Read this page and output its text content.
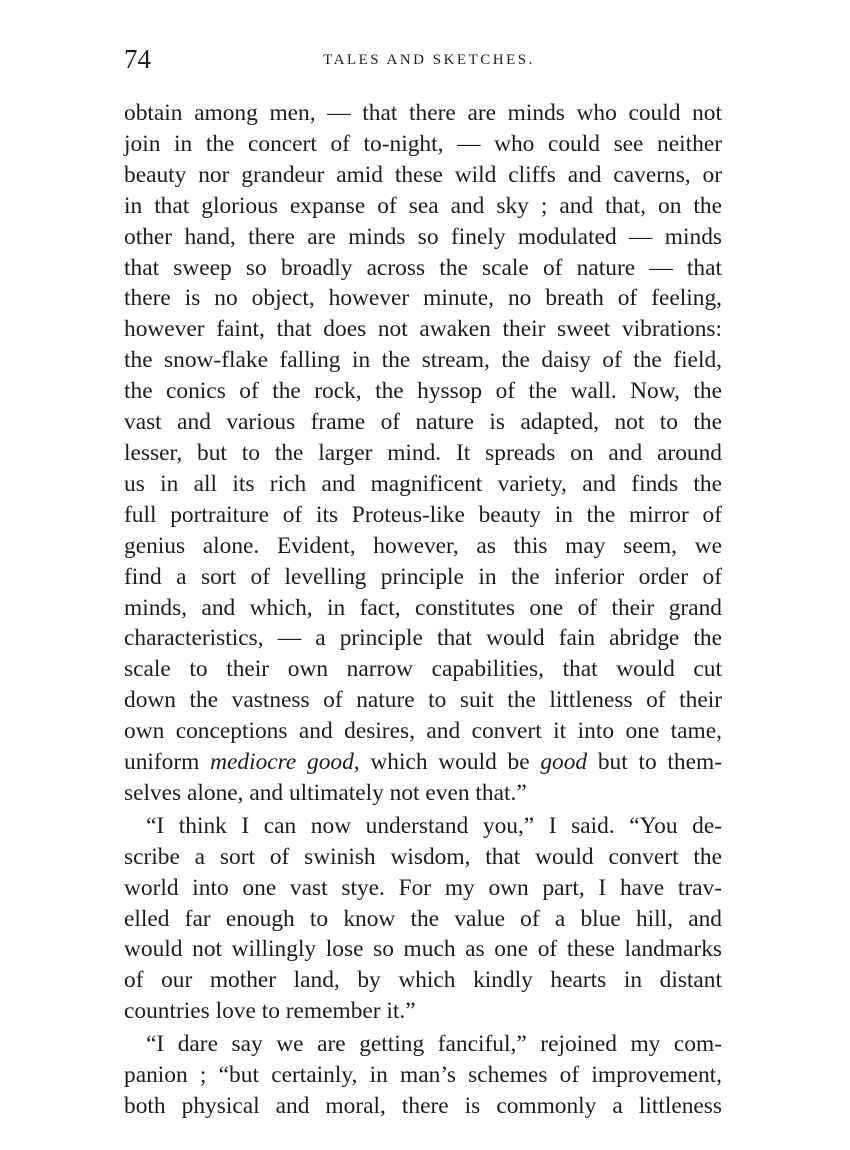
74	TALES AND SKETCHES.
obtain among men, — that there are minds who could not
join in the concert of to-night, — who could see neither
beauty nor grandeur amid these wild cliffs and caverns, or
in that glorious expanse of sea and sky ; and that, on the
other hand, there are minds so finely modulated — minds
that sweep so broadly across the scale of nature — that
there is no object, however minute, no breath of feeling,
however faint, that does not awaken their sweet vibrations:
the snow-flake falling in the stream, the daisy of the field,
the conics of the rock, the hyssop of the wall. Now, the
vast and various frame of nature is adapted, not to the
lesser, but to the larger mind. It spreads on and around
us in all its rich and magnificent variety, and finds the
full portraiture of its Proteus-like beauty in the mirror of
genius alone. Evident, however, as this may seem, we
find a sort of levelling principle in the inferior order of
minds, and which, in fact, constitutes one of their grand
characteristics, — a principle that would fain abridge the
scale to their own narrow capabilities, that would cut
down the vastness of nature to suit the littleness of their
own conceptions and desires, and convert it into one tame,
uniform mediocre good, which would be good but to them-
selves alone, and ultimately not even that.”
“I think I can now understand you,” I said. “You de-
scribe a sort of swinish wisdom, that would convert the
world into one vast stye. For my own part, I have trav-
elled far enough to know the value of a blue hill, and
would not willingly lose so much as one of these landmarks
of our mother land, by which kindly hearts in distant
countries love to remember it.”
“I dare say we are getting fanciful,” rejoined my com-
panion ; “but certainly, in man’s schemes of improvement,
both physical and moral, there is commonly a littleness
